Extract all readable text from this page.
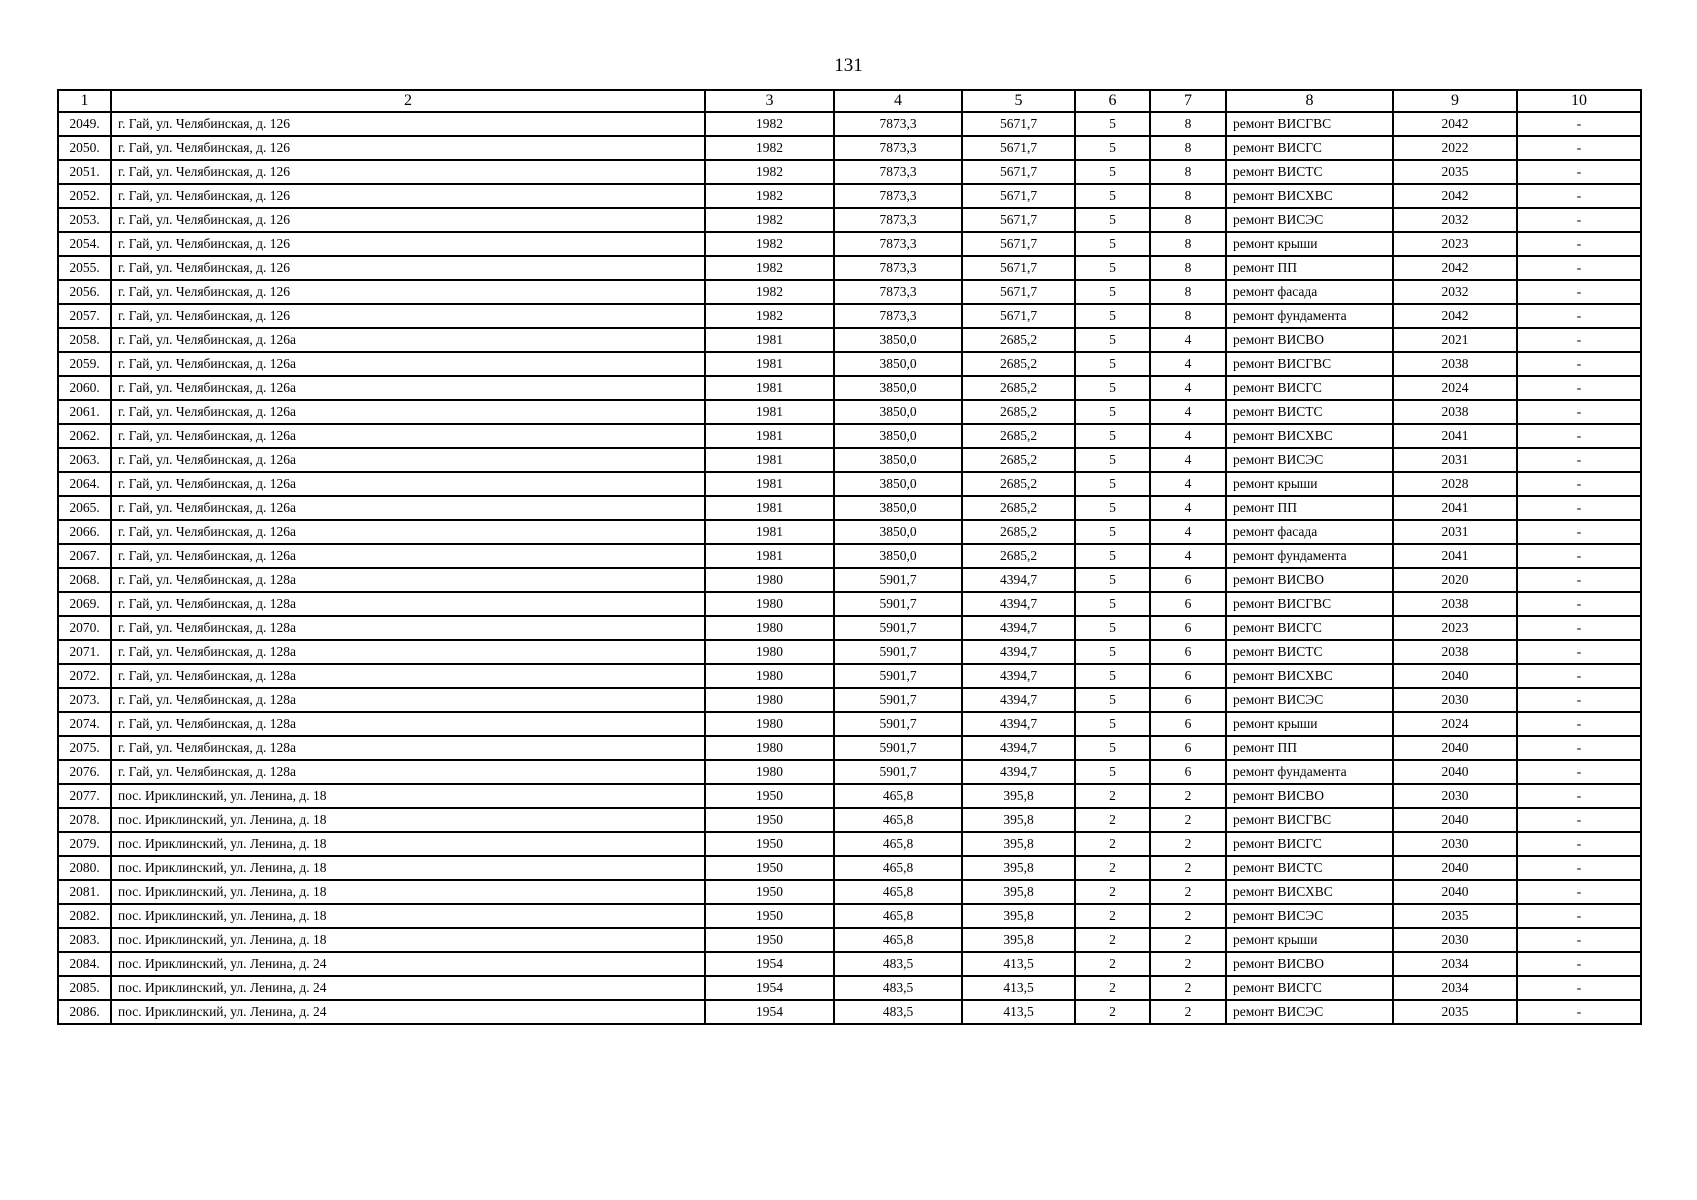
131
1	2	3	4	5	6	7	8	9	10
2049.	г. Гай, ул. Челябинская, д. 126	1982	7873,3	5671,7	5	8	ремонт ВИСГВС	2042	-
2050.	г. Гай, ул. Челябинская, д. 126	1982	7873,3	5671,7	5	8	ремонт ВИСГС	2022	-
2051.	г. Гай, ул. Челябинская, д. 126	1982	7873,3	5671,7	5	8	ремонт ВИСТС	2035	-
2052.	г. Гай, ул. Челябинская, д. 126	1982	7873,3	5671,7	5	8	ремонт ВИСХВС	2042	-
2053.	г. Гай, ул. Челябинская, д. 126	1982	7873,3	5671,7	5	8	ремонт ВИСЭС	2032	-
2054.	г. Гай, ул. Челябинская, д. 126	1982	7873,3	5671,7	5	8	ремонт крыши	2023	-
2055.	г. Гай, ул. Челябинская, д. 126	1982	7873,3	5671,7	5	8	ремонт ПП	2042	-
2056.	г. Гай, ул. Челябинская, д. 126	1982	7873,3	5671,7	5	8	ремонт фасада	2032	-
2057.	г. Гай, ул. Челябинская, д. 126	1982	7873,3	5671,7	5	8	ремонт фундамента	2042	-
2058.	г. Гай, ул. Челябинская, д. 126а	1981	3850,0	2685,2	5	4	ремонт ВИСВО	2021	-
2059.	г. Гай, ул. Челябинская, д. 126а	1981	3850,0	2685,2	5	4	ремонт ВИСГВС	2038	-
2060.	г. Гай, ул. Челябинская, д. 126а	1981	3850,0	2685,2	5	4	ремонт ВИСГС	2024	-
2061.	г. Гай, ул. Челябинская, д. 126а	1981	3850,0	2685,2	5	4	ремонт ВИСТС	2038	-
2062.	г. Гай, ул. Челябинская, д. 126а	1981	3850,0	2685,2	5	4	ремонт ВИСХВС	2041	-
2063.	г. Гай, ул. Челябинская, д. 126а	1981	3850,0	2685,2	5	4	ремонт ВИСЭС	2031	-
2064.	г. Гай, ул. Челябинская, д. 126а	1981	3850,0	2685,2	5	4	ремонт крыши	2028	-
2065.	г. Гай, ул. Челябинская, д. 126а	1981	3850,0	2685,2	5	4	ремонт ПП	2041	-
2066.	г. Гай, ул. Челябинская, д. 126а	1981	3850,0	2685,2	5	4	ремонт фасада	2031	-
2067.	г. Гай, ул. Челябинская, д. 126а	1981	3850,0	2685,2	5	4	ремонт фундамента	2041	-
2068.	г. Гай, ул. Челябинская, д. 128а	1980	5901,7	4394,7	5	6	ремонт ВИСВО	2020	-
2069.	г. Гай, ул. Челябинская, д. 128а	1980	5901,7	4394,7	5	6	ремонт ВИСГВС	2038	-
2070.	г. Гай, ул. Челябинская, д. 128а	1980	5901,7	4394,7	5	6	ремонт ВИСГС	2023	-
2071.	г. Гай, ул. Челябинская, д. 128а	1980	5901,7	4394,7	5	6	ремонт ВИСТС	2038	-
2072.	г. Гай, ул. Челябинская, д. 128а	1980	5901,7	4394,7	5	6	ремонт ВИСХВС	2040	-
2073.	г. Гай, ул. Челябинская, д. 128а	1980	5901,7	4394,7	5	6	ремонт ВИСЭС	2030	-
2074.	г. Гай, ул. Челябинская, д. 128а	1980	5901,7	4394,7	5	6	ремонт крыши	2024	-
2075.	г. Гай, ул. Челябинская, д. 128а	1980	5901,7	4394,7	5	6	ремонт ПП	2040	-
2076.	г. Гай, ул. Челябинская, д. 128а	1980	5901,7	4394,7	5	6	ремонт фундамента	2040	-
2077.	пос. Ириклинский, ул. Ленина, д. 18	1950	465,8	395,8	2	2	ремонт ВИСВО	2030	-
2078.	пос. Ириклинский, ул. Ленина, д. 18	1950	465,8	395,8	2	2	ремонт ВИСГВС	2040	-
2079.	пос. Ириклинский, ул. Ленина, д. 18	1950	465,8	395,8	2	2	ремонт ВИСГС	2030	-
2080.	пос. Ириклинский, ул. Ленина, д. 18	1950	465,8	395,8	2	2	ремонт ВИСТС	2040	-
2081.	пос. Ириклинский, ул. Ленина, д. 18	1950	465,8	395,8	2	2	ремонт ВИСХВС	2040	-
2082.	пос. Ириклинский, ул. Ленина, д. 18	1950	465,8	395,8	2	2	ремонт ВИСЭС	2035	-
2083.	пос. Ириклинский, ул. Ленина, д. 18	1950	465,8	395,8	2	2	ремонт крыши	2030	-
2084.	пос. Ириклинский, ул. Ленина, д. 24	1954	483,5	413,5	2	2	ремонт ВИСВО	2034	-
2085.	пос. Ириклинский, ул. Ленина, д. 24	1954	483,5	413,5	2	2	ремонт ВИСГС	2034	-
2086.	пос. Ириклинский, ул. Ленина, д. 24	1954	483,5	413,5	2	2	ремонт ВИСЭС	2035	-
